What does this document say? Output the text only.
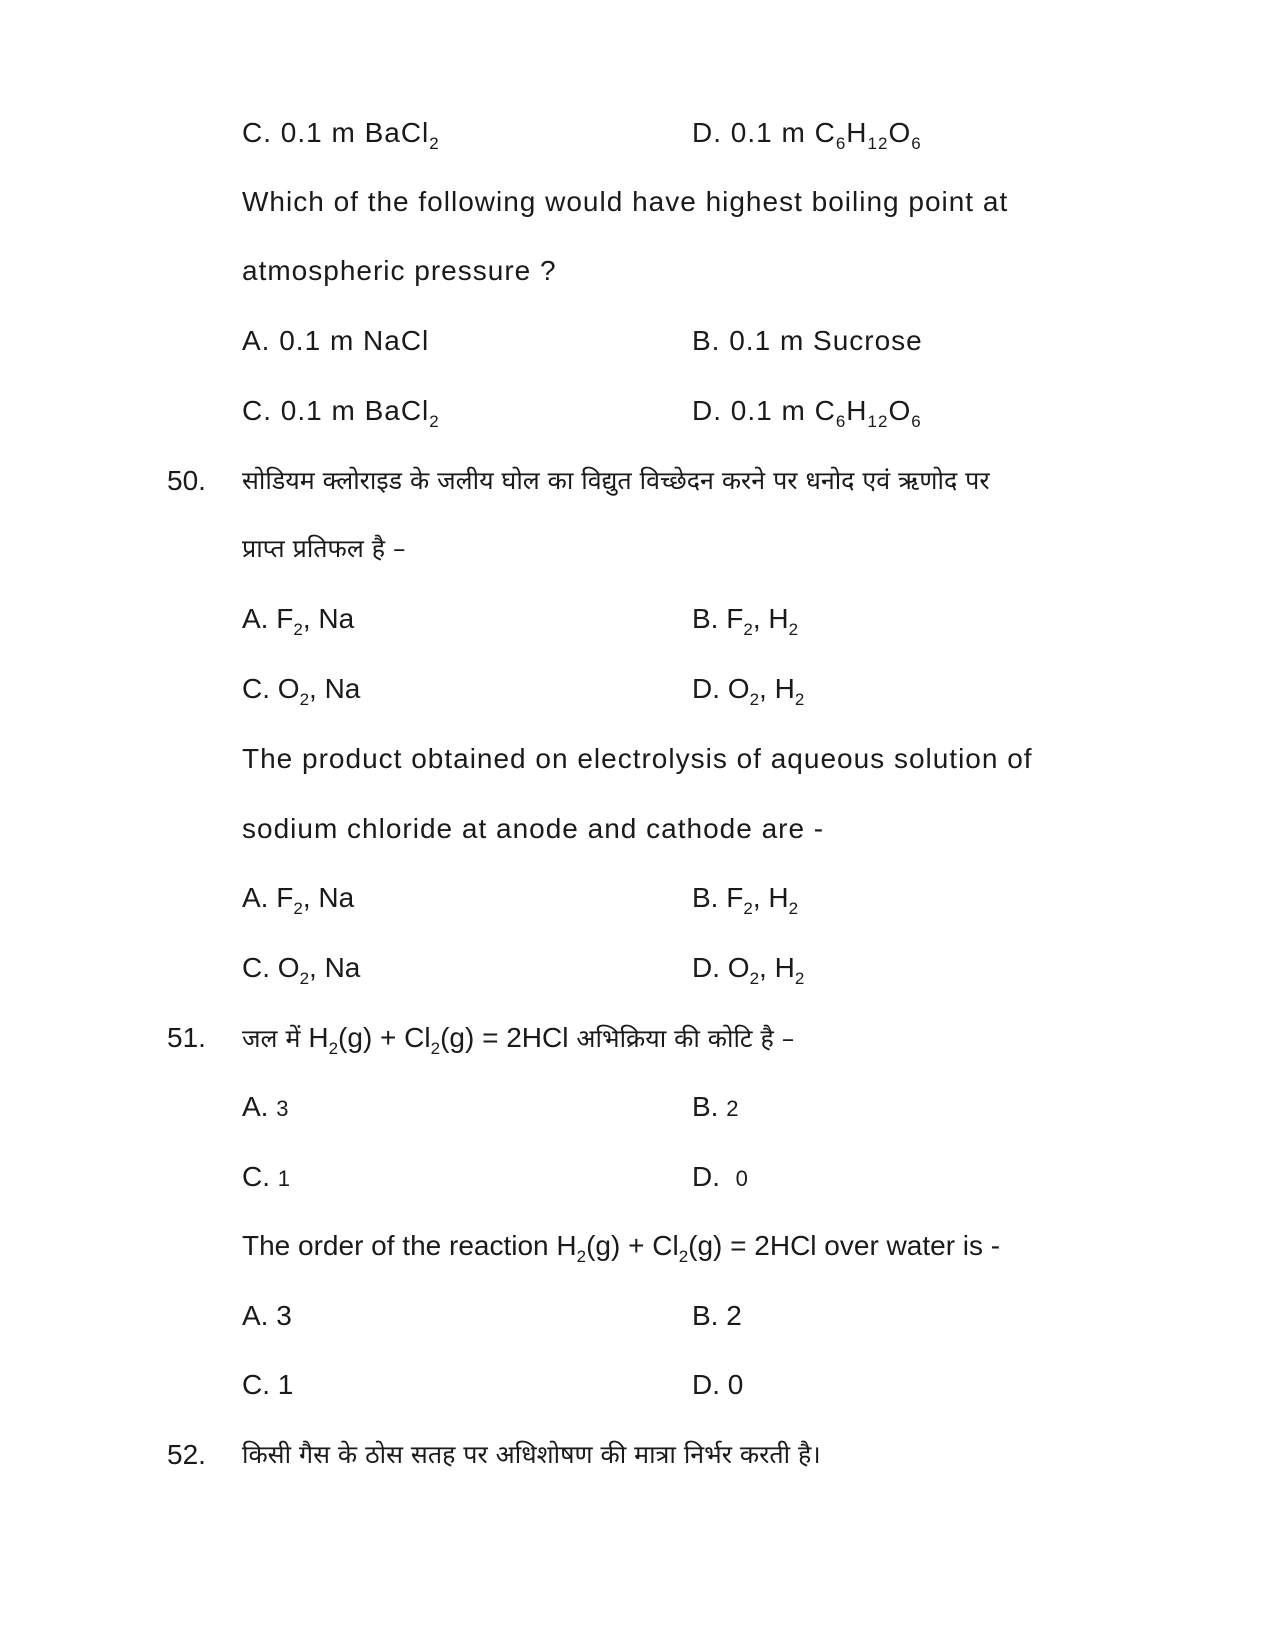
C. 0.1 m BaCl$_2$	D. 0.1 m $C_6H_{12}O_6$
Which of the following would have highest boiling point at
atmospheric pressure ?
A. 0.1 m NaCl	B. 0.1 m Sucrose
C. 0.1 m BaCl$_2$	D. 0.1 m $C_6H_{12}O_6$
50. सोडियम क्लोराइड के जलीय घोल का विद्युत विच्छेदन करने पर धनोद एवं ऋणोद पर
प्राप्त प्रतिफल है –
A. $F_2$, Na	B. $F_2$, $H_2$
C. $O_2$, Na	D. $O_2$, $H_2$
The product obtained on electrolysis of aqueous solution of
sodium chloride at anode and cathode are -
A. $F_2$, Na	B. $F_2$, $H_2$
C. $O_2$, Na	D. $O_2$, $H_2$
51. जल में $H_2(g) + Cl_2(g) = 2HCl$ अभिक्रिया की कोटि है –
A. 3	B. 2
C. 1	D. 0
The order of the reaction $H_2(g) + Cl_2(g) = 2HCl$ over water is -
A. 3	B. 2
C. 1	D. 0
52. किसी गैस के ठोस सतह पर अधिशोषण की मात्रा निर्भर करती है।
